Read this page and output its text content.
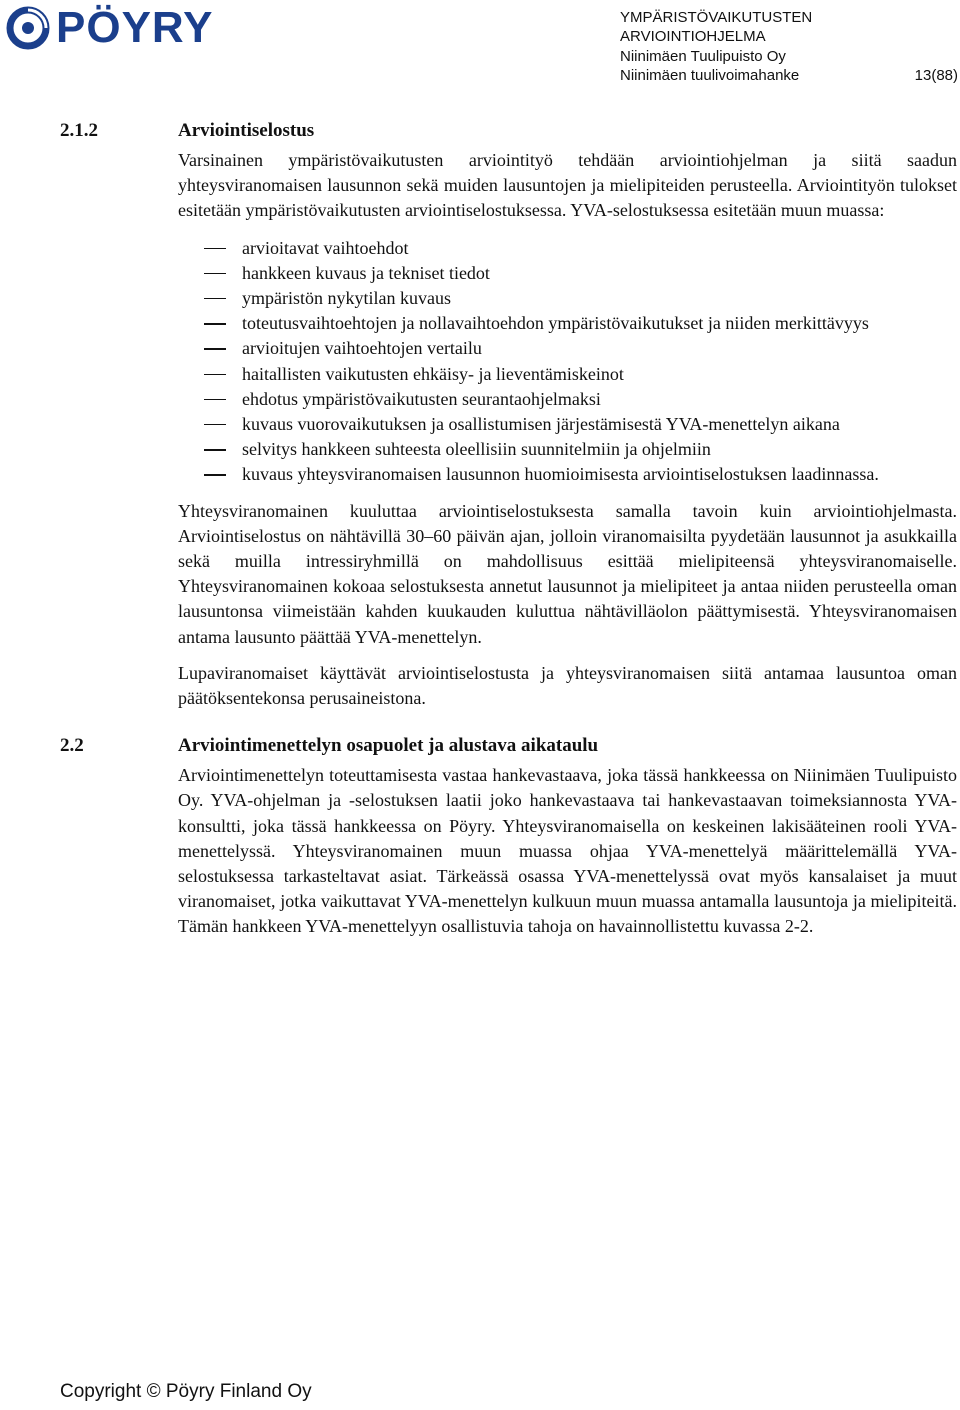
PÖYRY	YMPÄRISTÖVAIKUTUSTEN
ARVIOINTIOHJELMA
Niinimäen Tuulipuisto Oy
Niinimäen tuulivoimahanke	13(88)
2.1.2	Arviointiselostus

Varsinainen ympäristövaikutusten arviointityö tehdään arviointiohjelman ja siitä saadun yhteysviranomaisen lausunnon sekä muiden lausuntojen ja mielipiteiden perusteella. Arviointityön tulokset esitetään ympäristövaikutusten arviointiselostuksessa. YVA-selostuksessa esitetään muun muassa:

arvioitavat vaihtoehdot
hankkeen kuvaus ja tekniset tiedot
ympäristön nykytilan kuvaus
toteutusvaihtoehtojen ja nollavaihtoehdon ympäristövaikutukset ja niiden merkittävyys
arvioitujen vaihtoehtojen vertailu
haitallisten vaikutusten ehkäisy- ja lieventämiskeinot
ehdotus ympäristövaikutusten seurantaohjelmaksi
kuvaus vuorovaikutuksen ja osallistumisen järjestämisestä YVA-menettelyn aikana
selvitys hankkeen suhteesta oleellisiin suunnitelmiin ja ohjelmiin
kuvaus yhteysviranomaisen lausunnon huomioimisesta arviointiselostuksen laadinnassa.

Yhteysviranomainen kuuluttaa arviointiselostuksesta samalla tavoin kuin arviointiohjelmasta. Arviointiselostus on nähtävillä 30–60 päivän ajan, jolloin viranomaisilta pyydetään lausunnot ja asukkailla sekä muilla intressiryhmillä on mahdollisuus esittää mielipiteensä yhteysviranomaiselle. Yhteysviranomainen kokoaa selostuksesta annetut lausunnot ja mielipiteet ja antaa niiden perusteella oman lausuntonsa viimeistään kahden kuukauden kuluttua nähtävilläolon päättymisestä. Yhteysviranomaisen antama lausunto päättää YVA-menettelyn.

Lupaviranomaiset käyttävät arviointiselostusta ja yhteysviranomaisen siitä antamaa lausuntoa oman päätöksentekonsa perusaineistona.

2.2	Arviointimenettelyn osapuolet ja alustava aikataulu

Arviointimenettelyn toteuttamisesta vastaa hankevastaava, joka tässä hankkeessa on Niinimäen Tuulipuisto Oy. YVA-ohjelman ja -selostuksen laatii joko hankevastaava tai hankevastaavan toimeksiannosta YVA-konsultti, joka tässä hankkeessa on Pöyry. Yhteysviranomaisella on keskeinen lakisääteinen rooli YVA-menettelyssä. Yhteysviranomainen muun muassa ohjaa YVA-menettelyä määrittelemällä YVA-selostuksessa tarkasteltavat asiat. Tärkeässä osassa YVA-menettelyssä ovat myös kansalaiset ja muut viranomaiset, jotka vaikuttavat YVA-menettelyn kulkuun muun muassa antamalla lausuntoja ja mielipiteitä. Tämän hankkeen YVA-menettelyyn osallistuvia tahoja on havainnollistettu kuvassa 2-2.

Copyright © Pöyry Finland Oy
